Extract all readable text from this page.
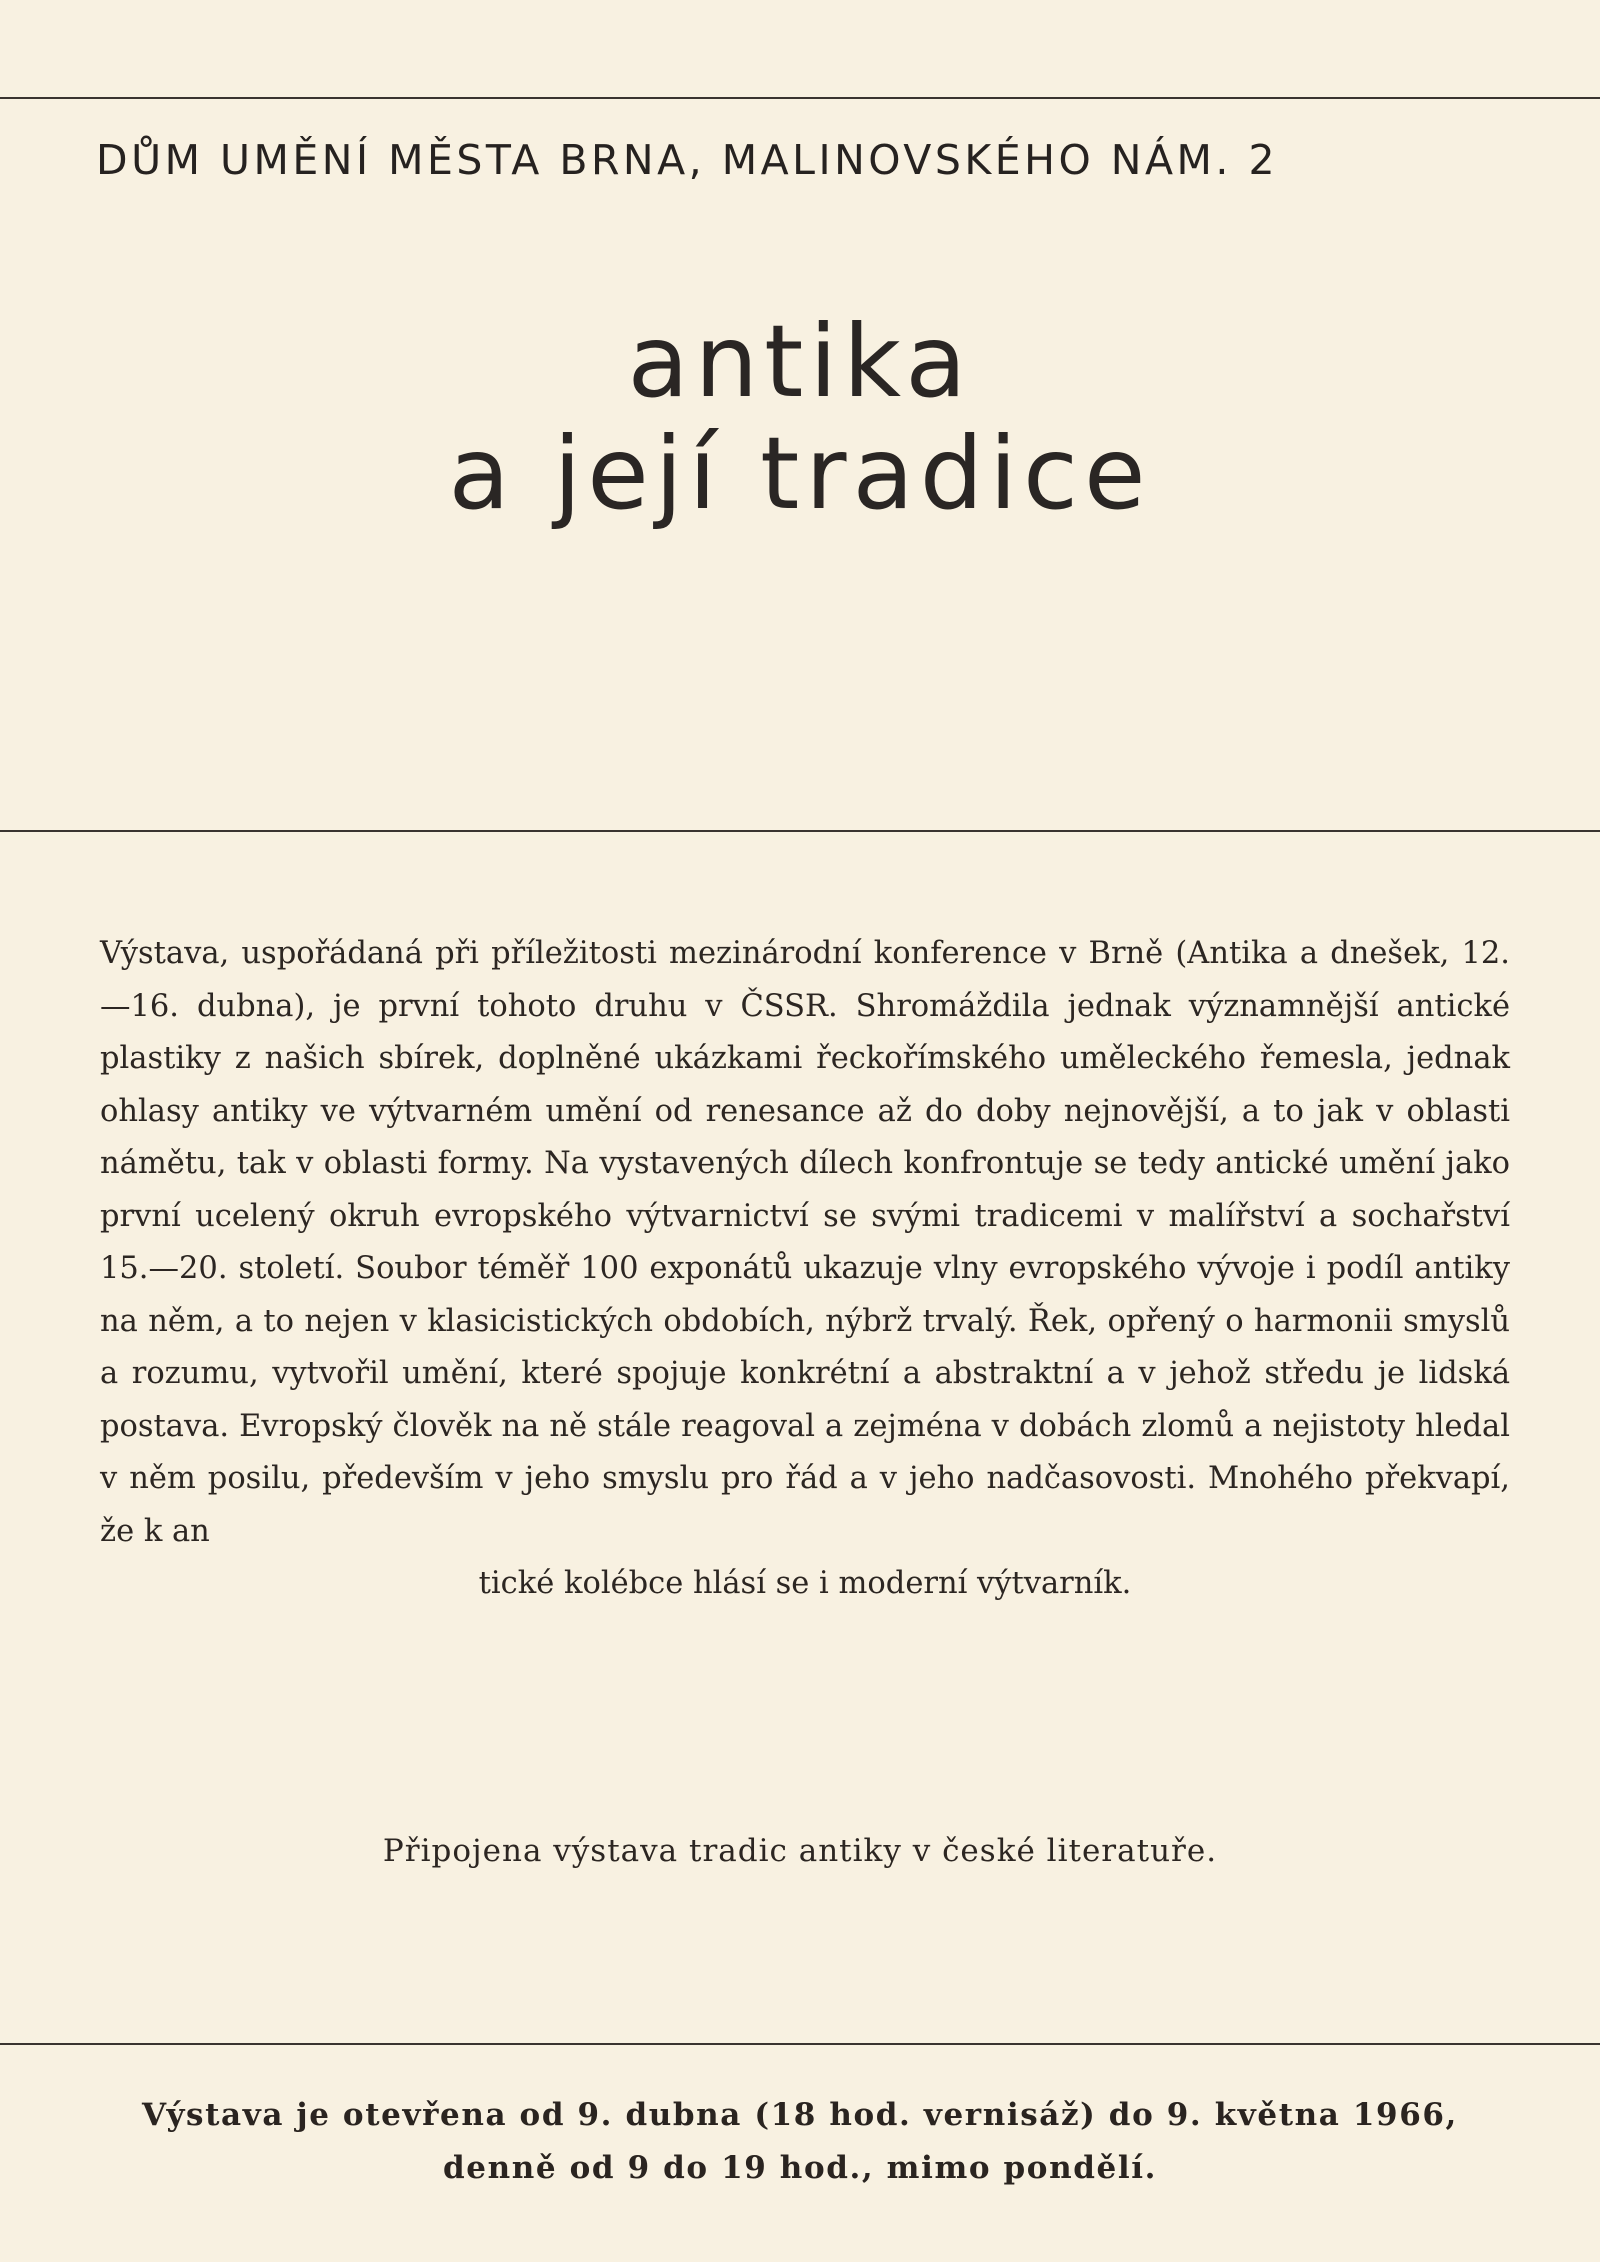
DŮM UMĚNÍ MĚSTA BRNA, MALINOVSKÉHO NÁM. 2
antika
a její tradice
Výstava, uspořádaná při příležitosti mezinárodní konference v Brně (Antika a dnešek, 12.—16. dubna), je první tohoto druhu v ČSSR. Shromáždila jednak významnější antické plastiky z našich sbírek, doplněné ukázkami řeckořímského uměleckého řemesla, jednak ohlasy antiky ve výtvarném umění od renesance až do doby nejnovější, a to jak v oblasti námětu, tak v oblasti formy. Na vystavených dílech konfrontuje se tedy antické umění jako první ucelený okruh evropského výtvarnictví se svými tradicemi v malířství a sochařství 15.—20. století. Soubor téměř 100 exponátů ukazuje vlny evropského vývoje i podíl antiky na něm, a to nejen v klasicistických obdobích, nýbrž trvalý. Řek, opřený o harmonii smyslů a rozumu, vytvořil umění, které spojuje konkrétní a abstraktní a v jehož středu je lidská postava. Evropský člověk na ně stále reagoval a zejména v dobách zlomů a nejistoty hledal v něm posilu, především v jeho smyslu pro řád a v jeho nadčasovosti. Mnohého překvapí, že k an
tické kolébce hlásí se i moderní výtvarník.
Připojena výstava tradic antiky v české literatuře.
Výstava je otevřena od 9. dubna (18 hod. vernisáž) do 9. května 1966,
denně od 9 do 19 hod., mimo pondělí.
